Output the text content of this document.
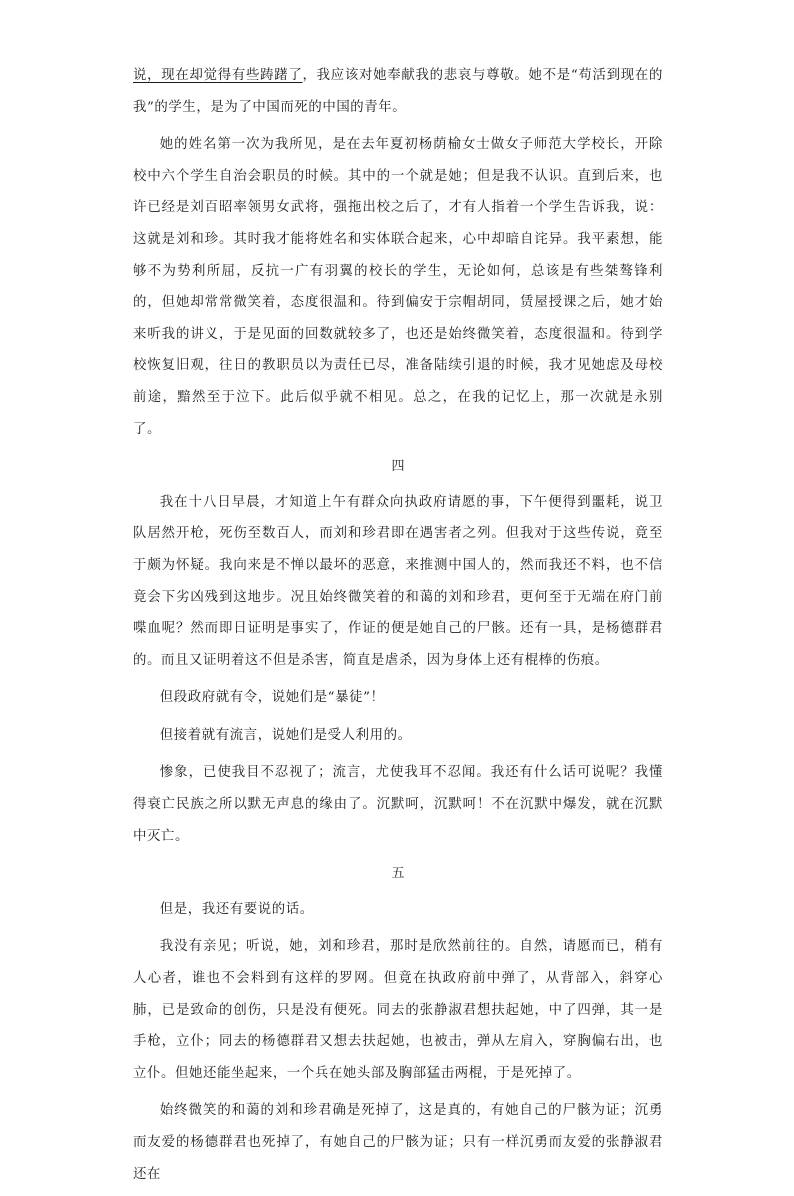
说，现在却觉得有些踌躇了，我应该对她奉献我的悲哀与尊敬。她不是“苟活到现在的我”的学生，是为了中国而死的中国的青年。

她的姓名第一次为我所见，是在去年夏初杨荫榆女士做女子师范大学校长，开除校中六个学生自治会职员的时候。其中的一个就是她；但是我不认识。直到后来，也许已经是刘百昭率领男女武将，强拖出校之后了，才有人指着一个学生告诉我，说：这就是刘和珍。其时我才能将姓名和实体联合起来，心中却暗自诧异。我平素想，能够不为势利所屈，反抗一广有羽翼的校长的学生，无论如何，总该是有些桀骜锋利的，但她却常常微笑着，态度很温和。待到偏安于宗帽胡同，赁屋授课之后，她才始来听我的讲义，于是见面的回数就较多了，也还是始终微笑着，态度很温和。待到学校恢复旧观，往日的教职员以为责任已尽，准备陆续引退的时候，我才见她虑及母校前途，黯然至于泣下。此后似乎就不相见。总之，在我的记忆上，那一次就是永别了。

四

我在十八日早晨，才知道上午有群众向执政府请愿的事，下午便得到噩耗，说卫队居然开枪，死伤至数百人，而刘和珍君即在遇害者之列。但我对于这些传说，竟至于颇为怀疑。我向来是不惮以最坏的恶意，来推测中国人的，然而我还不料，也不信竟会下劣凶残到这地步。况且始终微笑着的和蔼的刘和珍君，更何至于无端在府门前喋血呢？然而即日证明是事实了，作证的便是她自己的尸骸。还有一具，是杨德群君的。而且又证明着这不但是杀害，简直是虐杀，因为身体上还有棍棒的伤痕。

但段政府就有令，说她们是“暴徒”！

但接着就有流言，说她们是受人利用的。

惨象，已使我目不忍视了；流言，尤使我耳不忍闻。我还有什么话可说呢？我懂得衰亡民族之所以默无声息的缘由了。沉默呵，沉默呵！不在沉默中爆发，就在沉默中灭亡。

五

但是，我还有要说的话。

我没有亲见；听说，她，刘和珍君，那时是欣然前往的。自然，请愿而已，稍有人心者，谁也不会料到有这样的罗网。但竟在执政府前中弹了，从背部入，斜穿心肺，已是致命的创伤，只是没有便死。同去的张静淑君想扶起她，中了四弹，其一是手枪，立仆；同去的杨德群君又想去扶起她，也被击，弹从左肩入，穿胸偏右出，也立仆。但她还能坐起来，一个兵在她头部及胸部猛击两棍，于是死掉了。

始终微笑的和蔼的刘和珍君确是死掉了，这是真的，有她自己的尸骸为证；沉勇而友爱的杨德群君也死掉了，有她自己的尸骸为证；只有一样沉勇而友爱的张静淑君还在
